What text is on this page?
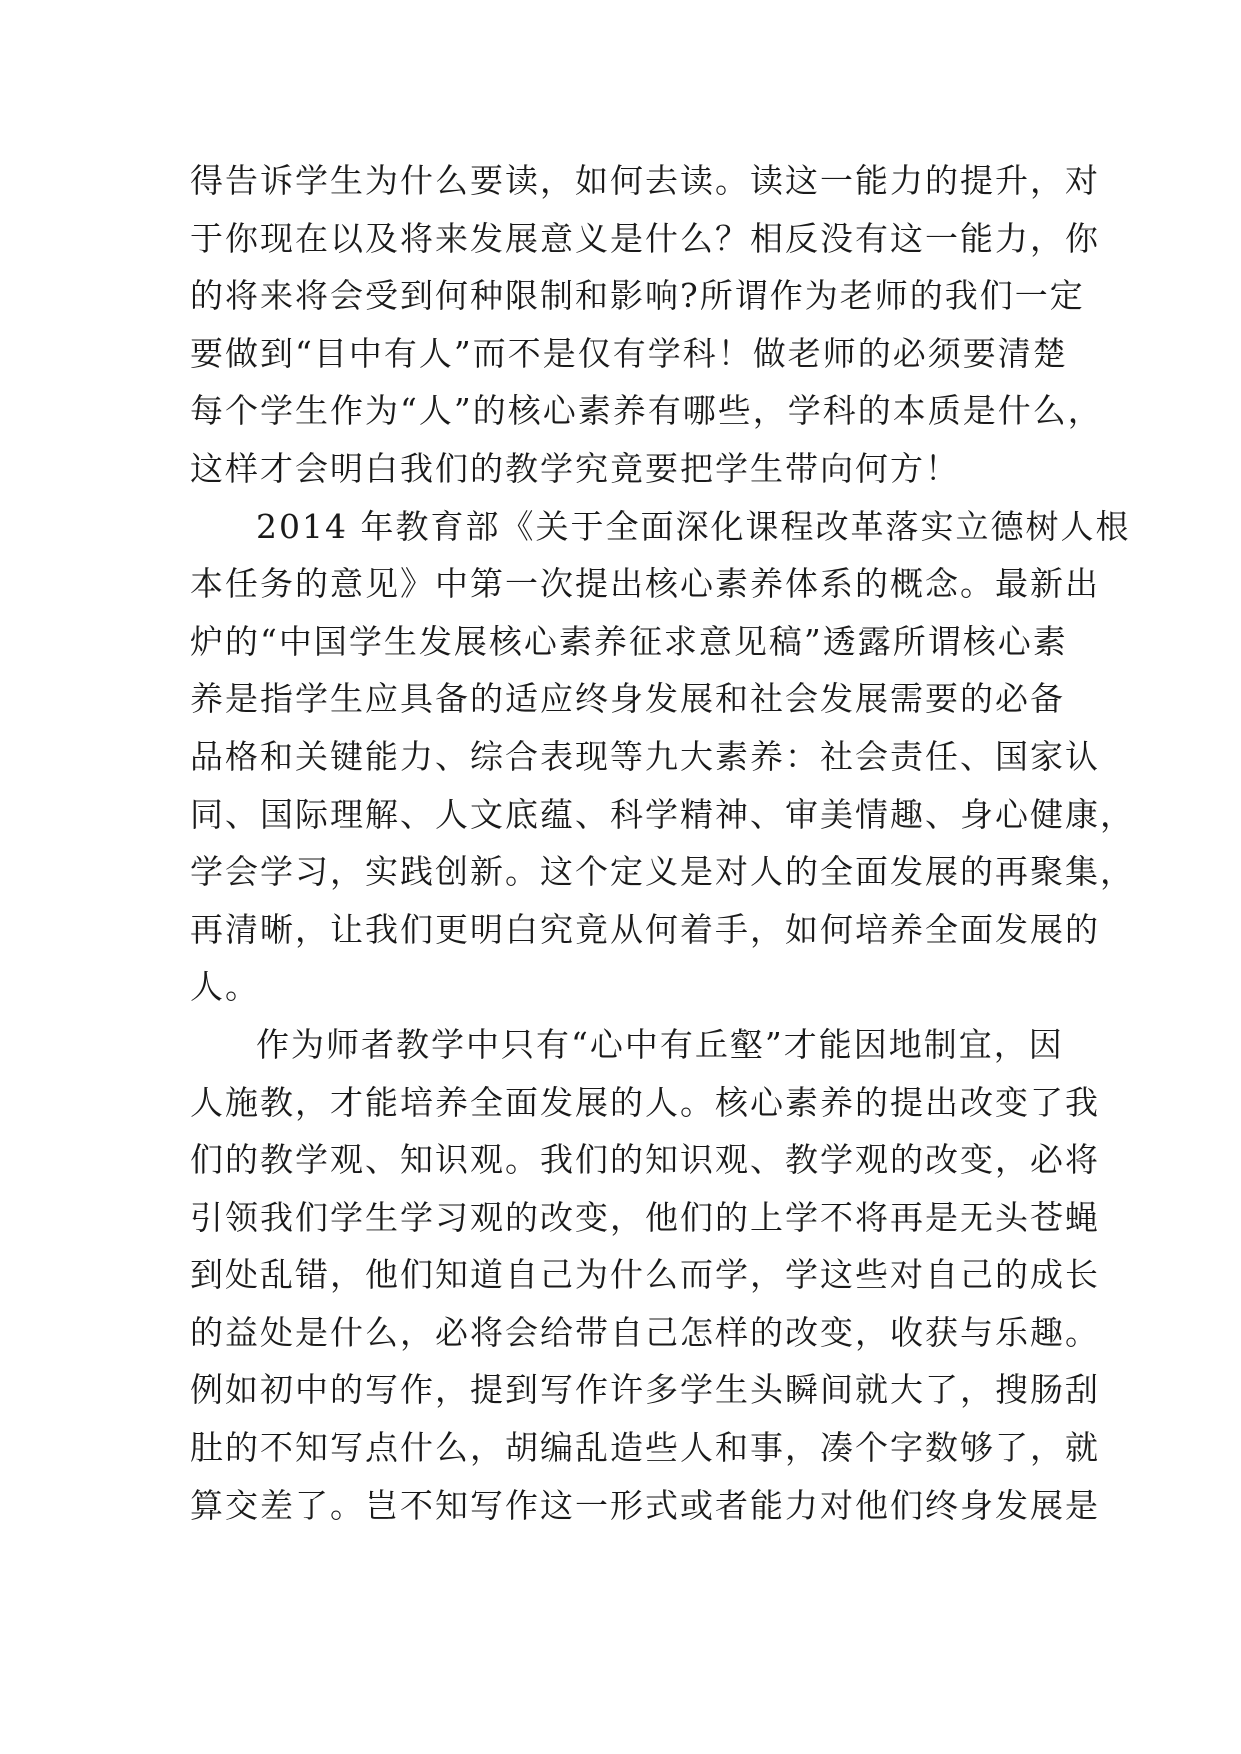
得告诉学生为什么要读，如何去读。读这一能力的提升，对
于你现在以及将来发展意义是什么？相反没有这一能力，你
的将来将会受到何种限制和影响?所谓作为老师的我们一定
要做到“目中有人”而不是仅有学科！做老师的必须要清楚
每个学生作为“人”的核心素养有哪些，学科的本质是什么，
这样才会明白我们的教学究竟要把学生带向何方！
2014 年教育部《关于全面深化课程改革落实立德树人根
本任务的意见》中第一次提出核心素养体系的概念。最新出
炉的“中国学生发展核心素养征求意见稿”透露所谓核心素
养是指学生应具备的适应终身发展和社会发展需要的必备
品格和关键能力、综合表现等九大素养：社会责任、国家认
同、国际理解、人文底蕴、科学精神、审美情趣、身心健康，
学会学习，实践创新。这个定义是对人的全面发展的再聚集，
再清晰，让我们更明白究竟从何着手，如何培养全面发展的
人。
作为师者教学中只有“心中有丘壑”才能因地制宜，因
人施教，才能培养全面发展的人。核心素养的提出改变了我
们的教学观、知识观。我们的知识观、教学观的改变，必将
引领我们学生学习观的改变，他们的上学不将再是无头苍蝇
到处乱错，他们知道自己为什么而学，学这些对自己的成长
的益处是什么，必将会给带自己怎样的改变，收获与乐趣。
例如初中的写作，提到写作许多学生头瞬间就大了，搜肠刮
肚的不知写点什么，胡编乱造些人和事，凑个字数够了，就
算交差了。岂不知写作这一形式或者能力对他们终身发展是
